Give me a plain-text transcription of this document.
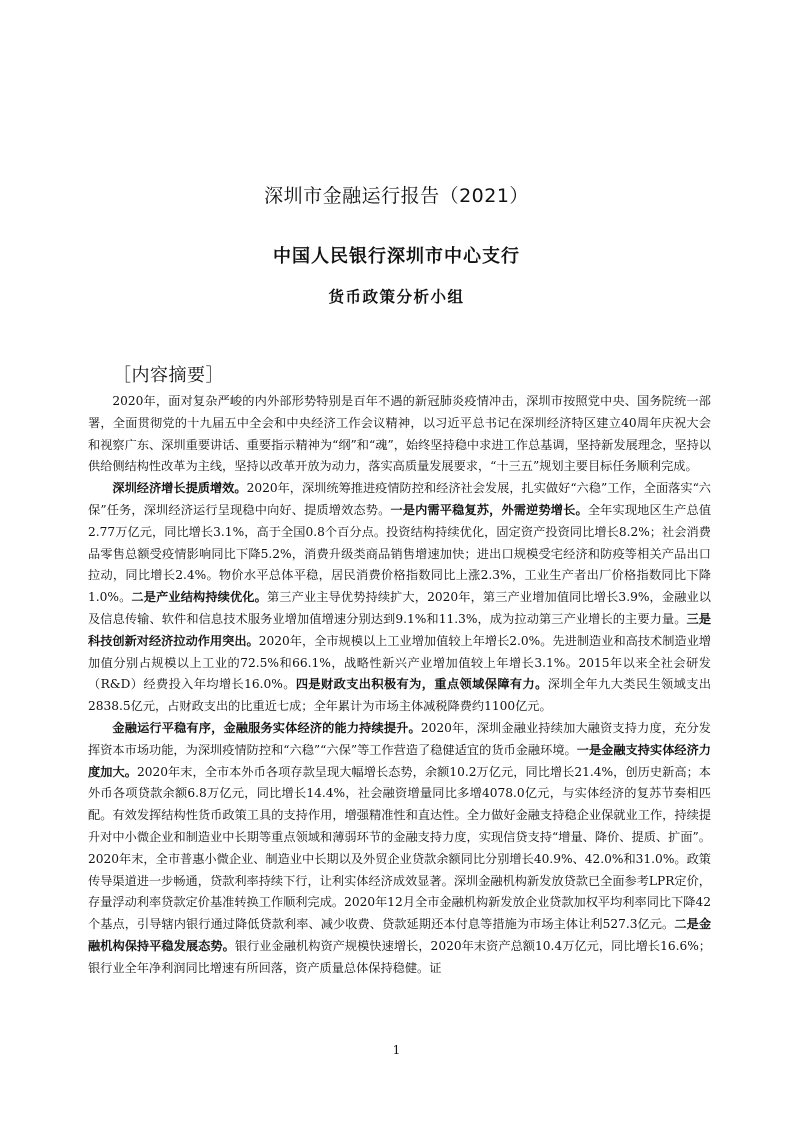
深圳市金融运行报告（2021）
中国人民银行深圳市中心支行
货币政策分析小组
［内容摘要］

2020年，面对复杂严峻的内外部形势特别是百年不遇的新冠肺炎疫情冲击，深圳市按照党中央、国务院统一部署，全面贯彻党的十九届五中全会和中央经济工作会议精神，以习近平总书记在深圳经济特区建立40周年庆祝大会和视察广东、深圳重要讲话、重要指示精神为“纲”和“魂”，始终坚持稳中求进工作总基调，坚持新发展理念，坚持以供给侧结构性改革为主线，坚持以改革开放为动力，落实高质量发展要求，“十三五”规划主要目标任务顺利完成。

深圳经济增长提质增效。2020年，深圳统筹推进疫情防控和经济社会发展，扎实做好“六稳”工作，全面落实“六保”任务，深圳经济运行呈现稳中向好、提质增效态势。一是内需平稳复苏，外需逆势增长。全年实现地区生产总值2.77万亿元，同比增长3.1%，高于全国0.8个百分点。投资结构持续优化，固定资产投资同比增长8.2%；社会消费品零售总额受疫情影响同比下降5.2%，消费升级类商品销售增速加快；进出口规模受宅经济和防疫等相关产品出口拉动，同比增长2.4%。物价水平总体平稳，居民消费价格指数同比上涨2.3%，工业生产者出厂价格指数同比下降1.0%。二是产业结构持续优化。第三产业主导优势持续扩大，2020年，第三产业增加值同比增长3.9%，金融业以及信息传输、软件和信息技术服务业增加值增速分别达到9.1%和11.3%，成为拉动第三产业增长的主要力量。三是科技创新对经济拉动作用突出。2020年，全市规模以上工业增加值较上年增长2.0%。先进制造业和高技术制造业增加值分别占规模以上工业的72.5%和66.1%，战略性新兴产业增加值较上年增长3.1%。2015年以来全社会研发（R&D）经费投入年均增长16.0%。四是财政支出积极有为，重点领域保障有力。深圳全年九大类民生领域支出2838.5亿元，占财政支出的比重近七成；全年累计为市场主体减税降费约1100亿元。

金融运行平稳有序，金融服务实体经济的能力持续提升。2020年，深圳金融业持续加大融资支持力度，充分发挥资本市场功能，为深圳疫情防控和“六稳”“六保”等工作营造了稳健适宜的货币金融环境。一是金融支持实体经济力度加大。2020年末，全市本外币各项存款呈现大幅增长态势，余额10.2万亿元，同比增长21.4%，创历史新高；本外币各项贷款余额6.8万亿元，同比增长14.4%，社会融资增量同比多增4078.0亿元，与实体经济的复苏节奏相匹配。有效发挥结构性货币政策工具的支持作用，增强精准性和直达性。全力做好金融支持稳企业保就业工作，持续提升对中小微企业和制造业中长期等重点领域和薄弱环节的金融支持力度，实现信贷支持“增量、降价、提质、扩面”。2020年末，全市普惠小微企业、制造业中长期以及外贸企业贷款余额同比分别增长40.9%、42.0%和31.0%。政策传导渠道进一步畅通，贷款利率持续下行，让利实体经济成效显著。深圳金融机构新发放贷款已全面参考LPR定价，存量浮动利率贷款定价基准转换工作顺利完成。2020年12月全市金融机构新发放企业贷款加权平均利率同比下降42个基点，引导辖内银行通过降低贷款利率、减少收费、贷款延期还本付息等措施为市场主体让利527.3亿元。二是金融机构保持平稳发展态势。银行业金融机构资产规模快速增长，2020年末资产总额10.4万亿元，同比增长16.6%；银行业全年净利润同比增速有所回落，资产质量总体保持稳健。证

1
